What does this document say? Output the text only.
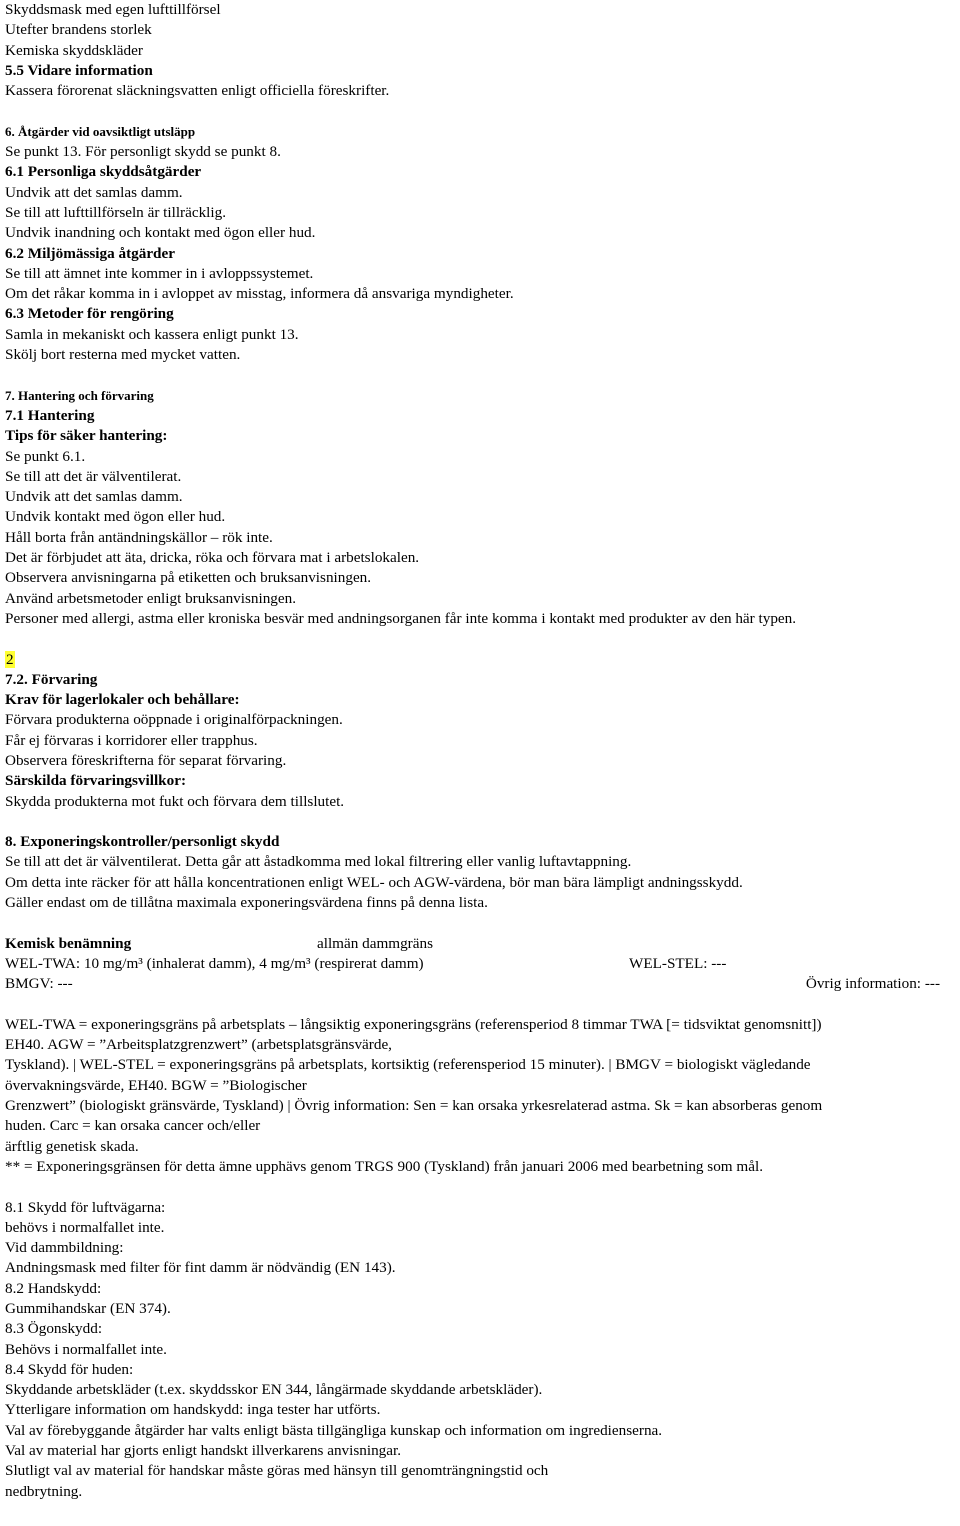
Skyddsmask med egen lufttillförsel
Utefter brandens storlek
Kemiska skyddskläder
5.5 Vidare information
Kassera förorenat släckningsvatten enligt officiella föreskrifter.
6. Åtgärder vid oavsiktligt utsläpp
Se punkt 13. För personligt skydd se punkt 8.
6.1 Personliga skyddsåtgärder
Undvik att det samlas damm.
Se till att lufttillförseln är tillräcklig.
Undvik inandning och kontakt med ögon eller hud.
6.2 Miljömässiga åtgärder
Se till att ämnet inte kommer in i avloppssystemet.
Om det råkar komma in i avloppet av misstag, informera då ansvariga myndigheter.
6.3 Metoder för rengöring
Samla in mekaniskt och kassera enligt punkt 13.
Skölj bort resterna med mycket vatten.
7. Hantering och förvaring
7.1 Hantering
Tips för säker hantering:
Se punkt 6.1.
Se till att det är välventilerat.
Undvik att det samlas damm.
Undvik kontakt med ögon eller hud.
Håll borta från antändningskällor – rök inte.
Det är förbjudet att äta, dricka, röka och förvara mat i arbetslokalen.
Observera anvisningarna på etiketten och bruksanvisningen.
Använd arbetsmetoder enligt bruksanvisningen.
Personer med allergi, astma eller kroniska besvär med andningsorganen får inte komma i kontakt med produkter av den här typen.
2
7.2. Förvaring
Krav för lagerlokaler och behållare:
Förvara produkterna oöppnade i originalförpackningen.
Får ej förvaras i korridorer eller trapphus.
Observera föreskrifterna för separat förvaring.
Särskilda förvaringsvillkor:
Skydda produkterna mot fukt och förvara dem tillslutet.
8. Exponeringskontroller/personligt skydd
Se till att det är välventilerat. Detta går att åstadkomma med lokal filtrering eller vanlig luftavtappning.
Om detta inte räcker för att hålla koncentrationen enligt WEL- och AGW-värdena, bör man bära lämpligt andningsskydd.
Gäller endast om de tillåtna maximala exponeringsvärdena finns på denna lista.
Kemisk benämning	allmän dammgräns
WEL-TWA: 10 mg/m³ (inhalerat damm), 4 mg/m³ (respirerat damm)	WEL-STEL: ---
BMGV: ---	Övrig information: ---
WEL-TWA = exponeringsgräns på arbetsplats – långsiktig exponeringsgräns (referensperiod 8 timmar TWA [= tidsviktat genomsnitt])
EH40. AGW = ”Arbeitsplatzgrenzwert” (arbetsplatsgränsvärde,
Tyskland). | WEL-STEL = exponeringsgräns på arbetsplats, kortsiktig (referensperiod 15 minuter). | BMGV = biologiskt vägledande
övervakningsvärde, EH40. BGW = ”Biologischer
Grenzwert” (biologiskt gränsvärde, Tyskland) | Övrig information: Sen = kan orsaka yrkesrelaterad astma. Sk = kan absorberas genom
huden. Carc = kan orsaka cancer och/eller
ärftlig genetisk skada.
** = Exponeringsgränsen för detta ämne upphävs genom TRGS 900 (Tyskland) från januari 2006 med bearbetning som mål.
8.1 Skydd för luftvägarna:
behövs i normalfallet inte.
Vid dammbildning:
Andningsmask med filter för fint damm är nödvändig (EN 143).
8.2 Handskydd:
Gummihandskar (EN 374).
8.3 Ögonskydd:
Behövs i normalfallet inte.
8.4 Skydd för huden:
Skyddande arbetskläder (t.ex. skyddsskor EN 344, långärmade skyddande arbetskläder).
Ytterligare information om handskydd: inga tester har utförts.
Val av förebyggande åtgärder har valts enligt bästa tillgängliga kunskap och information om ingredienserna.
Val av material har gjorts enligt handskt illverkarens anvisningar.
Slutligt val av material för handskar måste göras med hänsyn till genomträngningstid och
nedbrytning.
